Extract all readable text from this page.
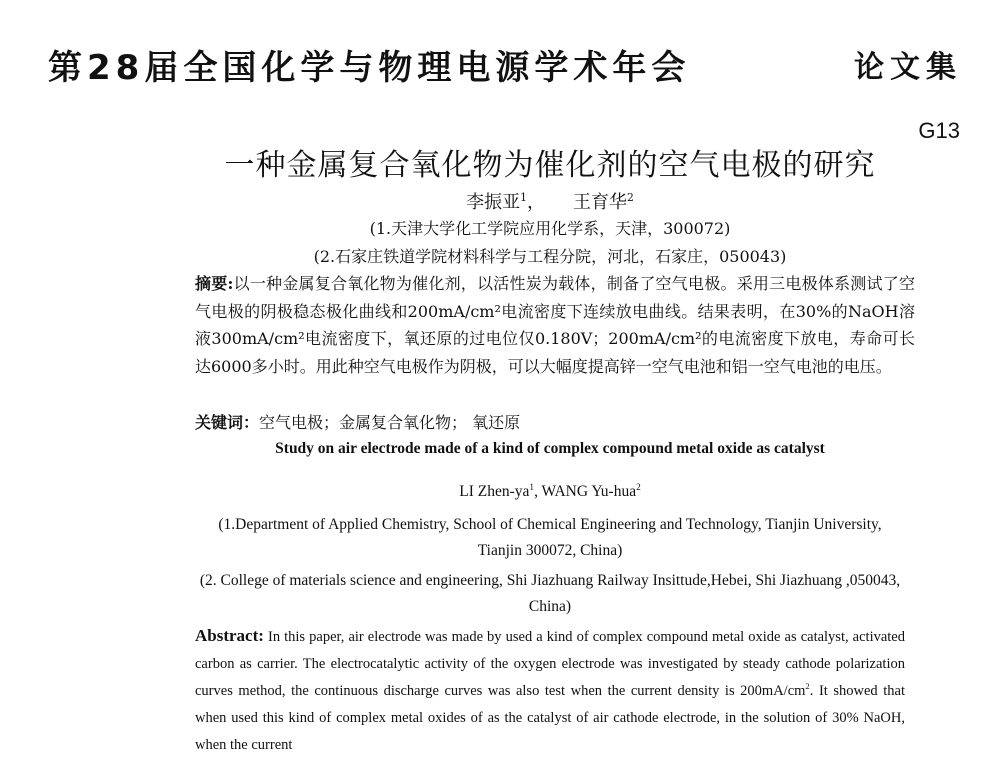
第28届全国化学与物理电源学术年会	论文集
G13
一种金属复合氧化物为催化剂的空气电极的研究
李振亚$^1$， 王育华$^2$
(1.天津大学化工学院应用化学系，天津，300072)
(2.石家庄铁道学院材料科学与工程分院，河北，石家庄，050043)
摘要:以一种金属复合氧化物为催化剂，以活性炭为载体，制备了空气电极。采用三电极体系测试了空气电极的阴极稳态极化曲线和200mA/cm²电流密度下连续放电曲线。结果表明，在30%的NaOH溶液300mA/cm²电流密度下，氧还原的过电位仅0.180V；200mA/cm²的电流密度下放电，寿命可长达6000多小时。用此种空气电极作为阴极，可以大幅度提高锌一空气电池和铝一空气电池的电压。
关键词：空气电极；金属复合氧化物； 氧还原
Study on air electrode made of a kind of complex compound metal oxide as catalyst
LI Zhen-$ya^1$, WANG Yu-hua$^2$
(1.Department of Applied Chemistry, School of Chemical Engineering and Technology, Tianjin University, Tianjin 300072, China)
(2. College of materials science and engineering, Shi Jiazhuang Railway Insittude,Hebei, Shi Jiazhuang ,050043, China)
Abstract: In this paper, air electrode was made by used a kind of complex compound metal oxide as catalyst, activated carbon as carrier. The electrocatalytic activity of the oxygen electrode was investigated by steady cathode polarization curves method, the continuous discharge curves was also test when the current density is $200mA/cm^2$. It showed that when used this kind of complex metal oxides of as the catalyst of air cathode electrode, in the solution of 30% NaOH, when the current
